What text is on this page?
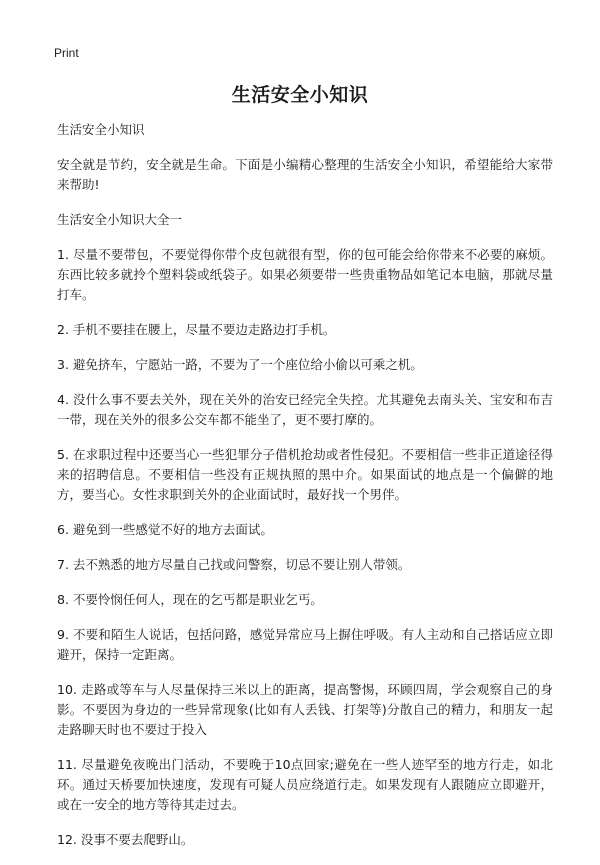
Print
生活安全小知识

生活安全小知识

安全就是节约，安全就是生命。下面是小编精心整理的生活安全小知识，希望能给大家带来帮助!

生活安全小知识大全一

1. 尽量不要带包，不要觉得你带个皮包就很有型，你的包可能会给你带来不必要的麻烦。东西比较多就拎个塑料袋或纸袋子。如果必须要带一些贵重物品如笔记本电脑，那就尽量打车。

2. 手机不要挂在腰上，尽量不要边走路边打手机。

3. 避免挤车，宁愿站一路，不要为了一个座位给小偷以可乘之机。

4. 没什么事不要去关外，现在关外的治安已经完全失控。尤其避免去南头关、宝安和布吉一带，现在关外的很多公交车都不能坐了，更不要打摩的。

5. 在求职过程中还要当心一些犯罪分子借机抢劫或者性侵犯。不要相信一些非正道途径得来的招聘信息。不要相信一些没有正规执照的黑中介。如果面试的地点是一个偏僻的地方，要当心。女性求职到关外的企业面试时，最好找一个男伴。

6. 避免到一些感觉不好的地方去面试。

7. 去不熟悉的地方尽量自己找或问警察，切忌不要让别人带领。

8. 不要怜悯任何人，现在的乞丐都是职业乞丐。

9. 不要和陌生人说话，包括问路，感觉异常应马上摒住呼吸。有人主动和自己搭话应立即避开，保持一定距离。

10. 走路或等车与人尽量保持三米以上的距离，提高警惕，环顾四周，学会观察自己的身影。不要因为身边的一些异常现象(比如有人丢钱、打架等)分散自己的精力，和朋友一起走路聊天时也不要过于投入

11. 尽量避免夜晚出门活动，不要晚于10点回家;避免在一些人迹罕至的地方行走，如北环。通过天桥要加快速度，发现有可疑人员应绕道行走。如果发现有人跟随应立即避开，或在一安全的地方等待其走过去。

12. 没事不要去爬野山。
